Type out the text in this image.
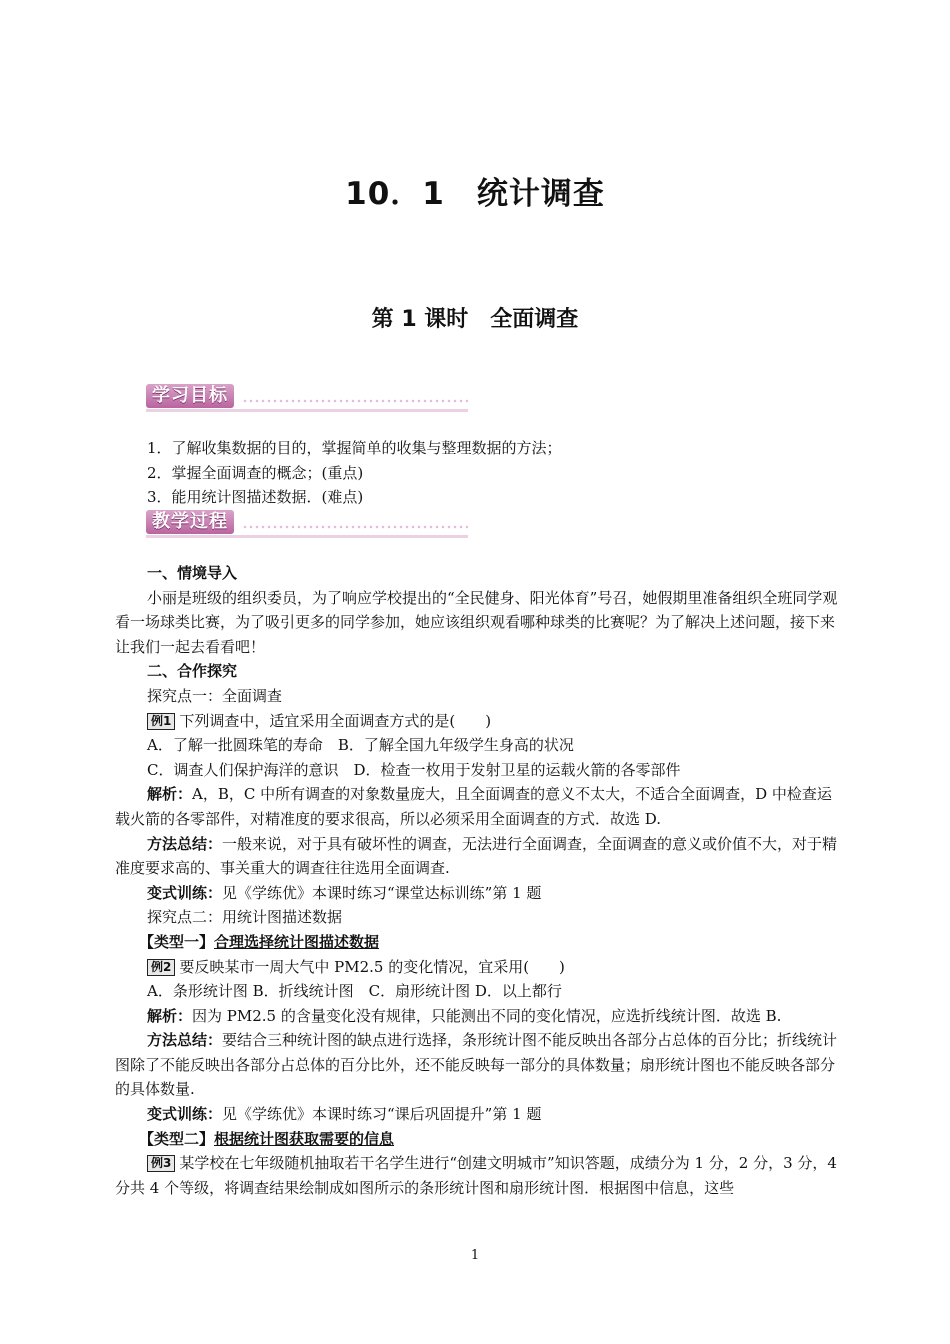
10．1　统计调查
第 1 课时　全面调查
学习目标
教学过程

1．了解收集数据的目的，掌握简单的收集与整理数据的方法；

2．掌握全面调查的概念；(重点)

3．能用统计图描述数据．(难点)

一、情境导入

小丽是班级的组织委员，为了响应学校提出的“全民健身、阳光体育”号召，她假期里准备组织全班同学观看一场球类比赛，为了吸引更多的同学参加，她应该组织观看哪种球类的比赛呢？为了解决上述问题，接下来让我们一起去看看吧！

二、合作探究

探究点一：全面调查

例1 下列调查中，适宜采用全面调查方式的是(　　)

A．了解一批圆珠笔的寿命　B．了解全国九年级学生身高的状况

C．调查人们保护海洋的意识　D．检查一枚用于发射卫星的运载火箭的各零部件

解析：A，B，C 中所有调查的对象数量庞大，且全面调查的意义不太大，不适合全面调查，D 中检查运载火箭的各零部件，对精准度的要求很高，所以必须采用全面调查的方式．故选 D.

方法总结：一般来说，对于具有破坏性的调查，无法进行全面调查，全面调查的意义或价值不大，对于精准度要求高的、事关重大的调查往往选用全面调查.

变式训练：见《学练优》本课时练习“课堂达标训练”第 1 题

探究点二：用统计图描述数据

【类型一】合理选择统计图描述数据

例2 要反映某市一周大气中 PM2.5 的变化情况，宜采用(　　)

A．条形统计图 B．折线统计图　C．扇形统计图 D．以上都行

解析：因为 PM2.5 的含量变化没有规律，只能测出不同的变化情况，应选折线统计图．故选 B.

方法总结：要结合三种统计图的缺点进行选择，条形统计图不能反映出各部分占总体的百分比；折线统计图除了不能反映出各部分占总体的百分比外，还不能反映每一部分的具体数量；扇形统计图也不能反映各部分的具体数量.

变式训练：见《学练优》本课时练习“课后巩固提升”第 1 题

【类型二】根据统计图获取需要的信息

例3 某学校在七年级随机抽取若干名学生进行“创建文明城市”知识答题，成绩分为 1 分，2 分，3 分，4 分共 4 个等级，将调查结果绘制成如图所示的条形统计图和扇形统计图．根据图中信息，这些

1
